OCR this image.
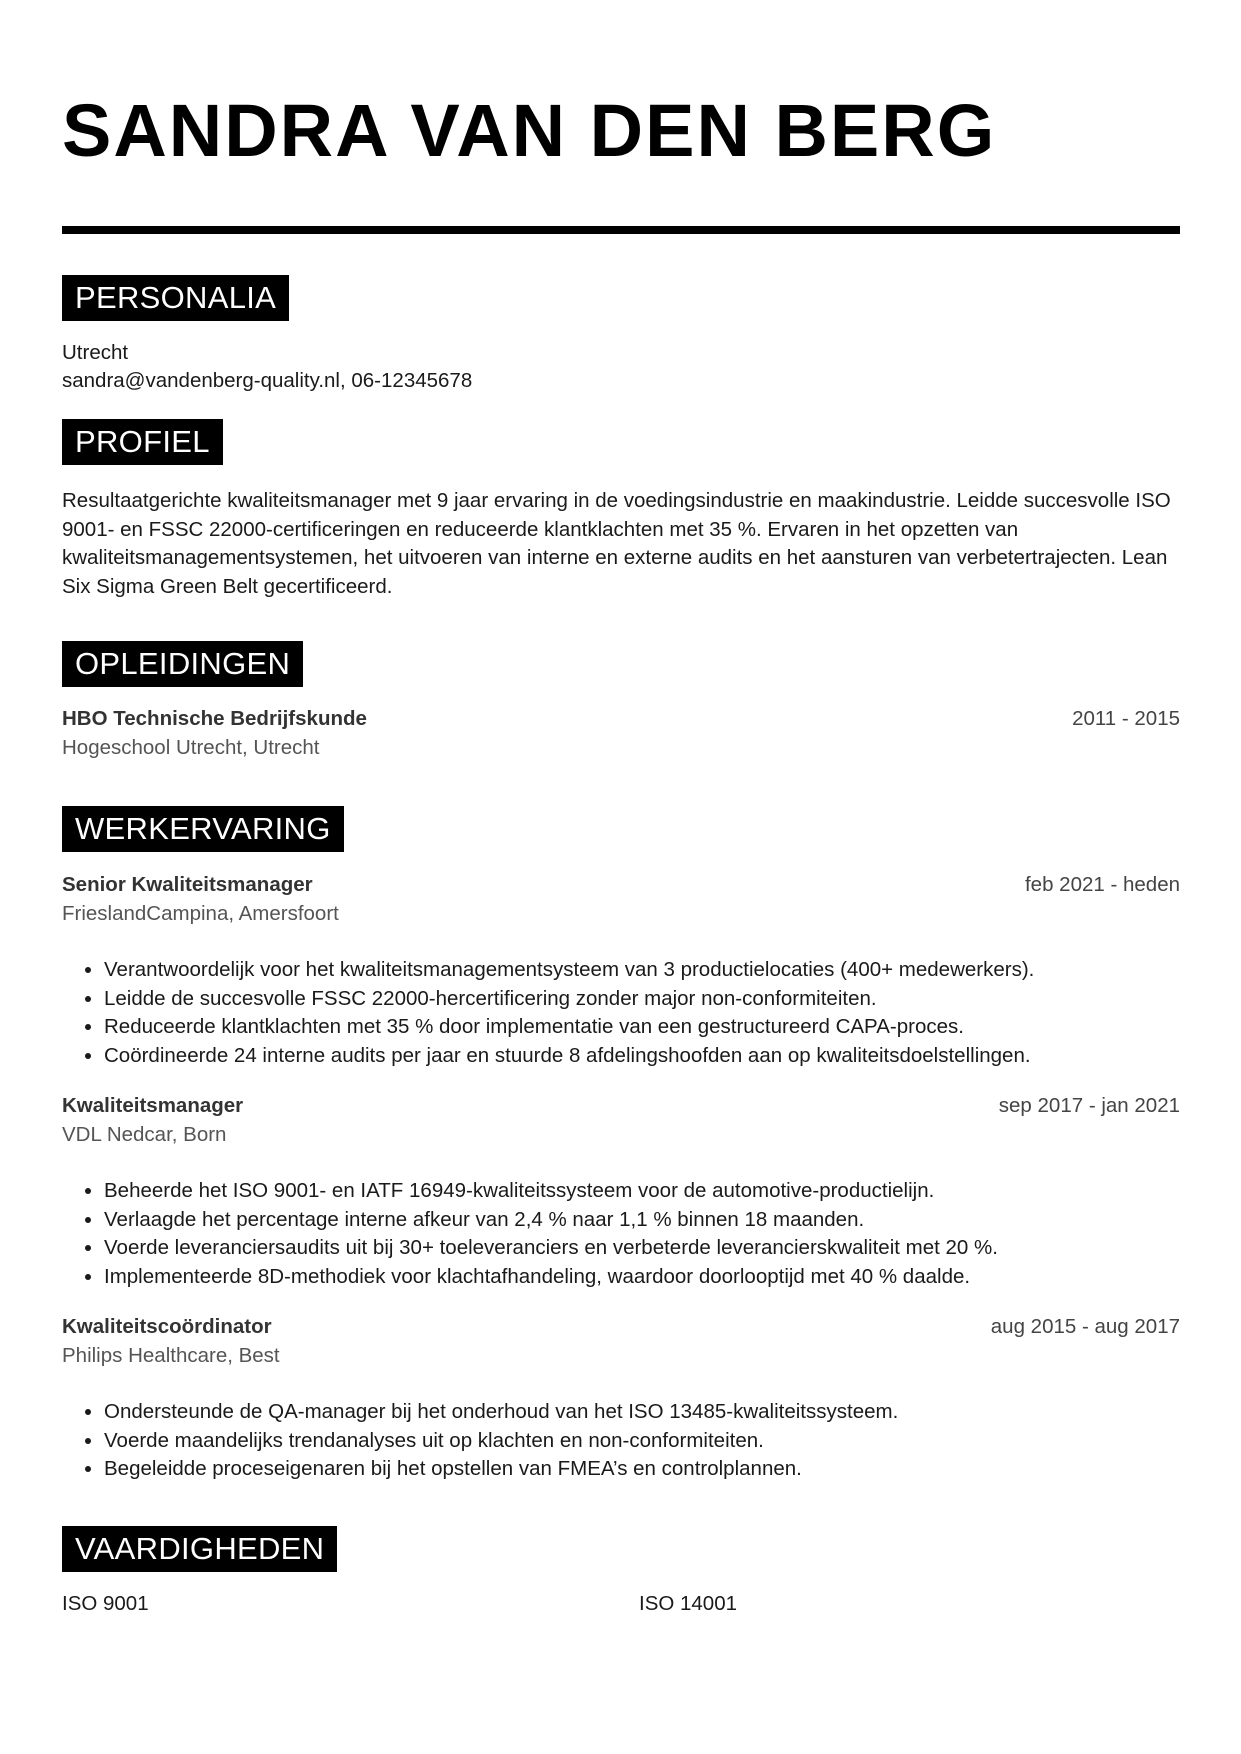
SANDRA VAN DEN BERG
PERSONALIA
Utrecht
sandra@vandenberg-quality.nl, 06-12345678
PROFIEL

Resultaatgerichte kwaliteitsmanager met 9 jaar ervaring in de voedingsindustrie en maakindustrie. Leidde succesvolle ISO 9001- en FSSC 22000-certificeringen en reduceerde klantklachten met 35 %. Ervaren in het opzetten van kwaliteitsmanagementsystemen, het uitvoeren van interne en externe audits en het aansturen van verbetertrajecten. Lean Six Sigma Green Belt gecertificeerd.

OPLEIDINGEN
HBO Technische Bedrijfskunde	2011 - 2015
Hogeschool Utrecht, Utrecht
WERKERVARING
Senior Kwaliteitsmanager	feb 2021 - heden
FrieslandCampina, Amersfoort
• Verantwoordelijk voor het kwaliteitsmanagementsysteem van 3 productielocaties (400+ medewerkers).
• Leidde de succesvolle FSSC 22000-hercertificering zonder major non-conformiteiten.
• Reduceerde klantklachten met 35 % door implementatie van een gestructureerd CAPA-proces.
• Coördineerde 24 interne audits per jaar en stuurde 8 afdelingshoofden aan op kwaliteitsdoelstellingen.
Kwaliteitsmanager	sep 2017 - jan 2021
VDL Nedcar, Born
• Beheerde het ISO 9001- en IATF 16949-kwaliteitssysteem voor de automotive-productielijn.
• Verlaagde het percentage interne afkeur van 2,4 % naar 1,1 % binnen 18 maanden.
• Voerde leveranciersaudits uit bij 30+ toeleveranciers en verbeterde leverancierskwaliteit met 20 %.
• Implementeerde 8D-methodiek voor klachtafhandeling, waardoor doorlooptijd met 40 % daalde.
Kwaliteitscoördinator	aug 2015 - aug 2017
Philips Healthcare, Best
• Ondersteunde de QA-manager bij het onderhoud van het ISO 13485-kwaliteitssysteem.
• Voerde maandelijks trendanalyses uit op klachten en non-conformiteiten.
• Begeleidde proceseigenaren bij het opstellen van FMEA’s en controlplannen.
VAARDIGHEDEN
ISO 9001	ISO 14001
